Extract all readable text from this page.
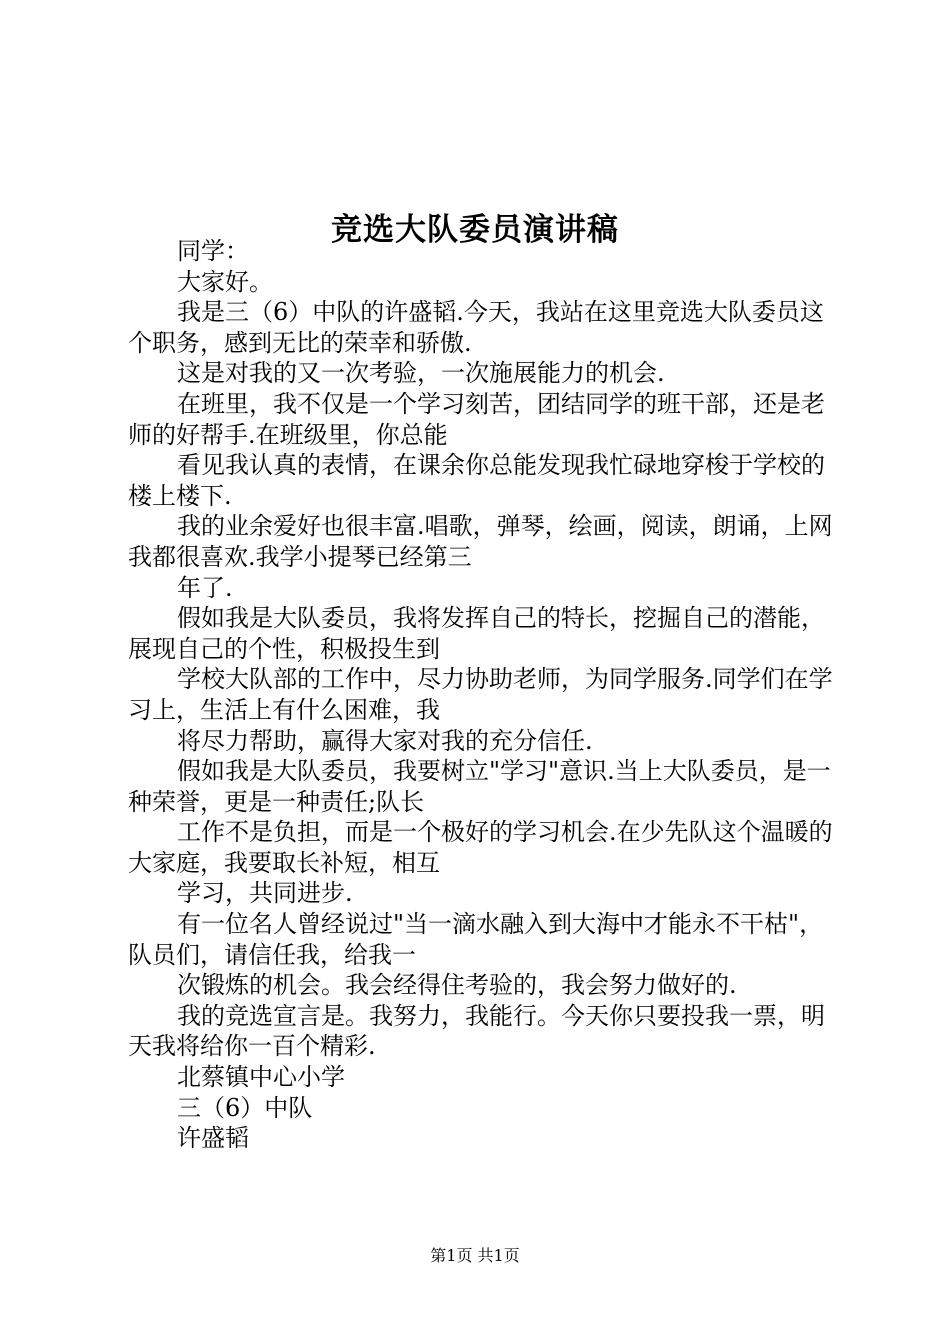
竞选大队委员演讲稿

同学：

大家好。

我是三（6）中队的许盛韬.今天，我站在这里竞选大队委员这个职务，感到无比的荣幸和骄傲.

这是对我的又一次考验，一次施展能力的机会.

在班里，我不仅是一个学习刻苦，团结同学的班干部，还是老师的好帮手.在班级里，你总能

看见我认真的表情，在课余你总能发现我忙碌地穿梭于学校的楼上楼下.

我的业余爱好也很丰富.唱歌，弹琴，绘画，阅读，朗诵，上网我都很喜欢.我学小提琴已经第三

年了.

假如我是大队委员，我将发挥自己的特长，挖掘自己的潜能，展现自己的个性，积极投生到

学校大队部的工作中，尽力协助老师，为同学服务.同学们在学习上，生活上有什么困难，我

将尽力帮助，赢得大家对我的充分信任.

假如我是大队委员，我要树立"学习"意识.当上大队委员，是一种荣誉，更是一种责任;队长

工作不是负担，而是一个极好的学习机会.在少先队这个温暖的大家庭，我要取长补短，相互

学习，共同进步.

有一位名人曾经说过"当一滴水融入到大海中才能永不干枯"，队员们，请信任我，给我一

次锻炼的机会。我会经得住考验的，我会努力做好的.

我的竞选宣言是。我努力，我能行。今天你只要投我一票，明天我将给你一百个精彩.

北蔡镇中心小学

三（6）中队

许盛韬

第1页 共1页
